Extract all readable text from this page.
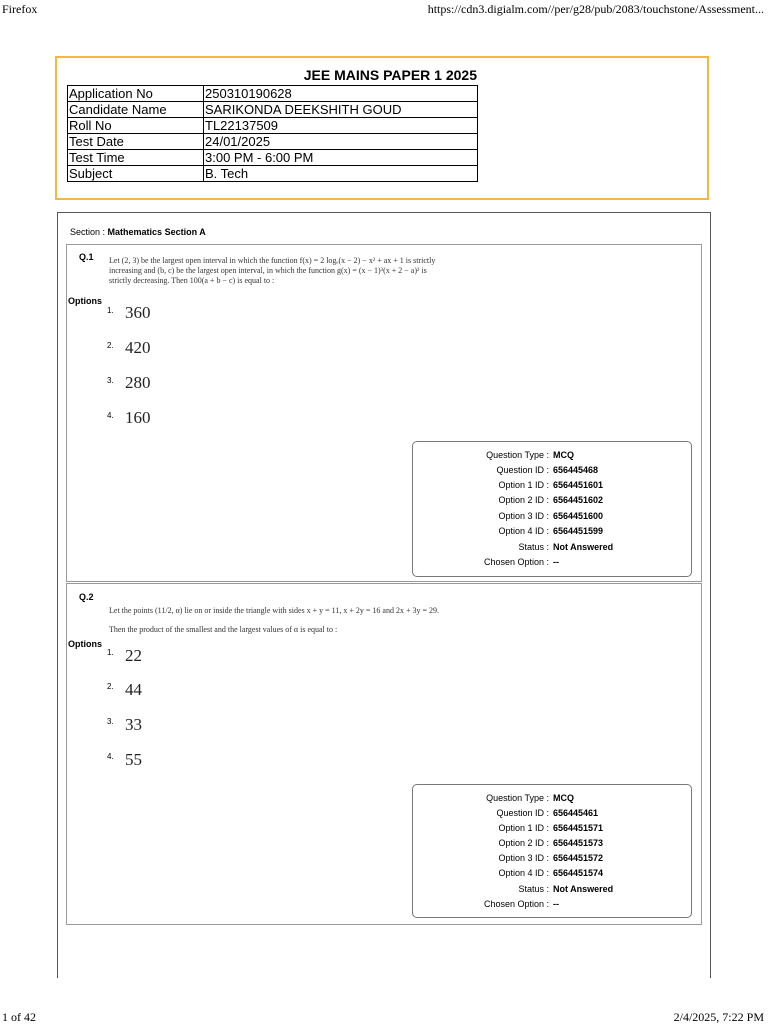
Firefox	https://cdn3.digialm.com//per/g28/pub/2083/touchstone/Assessment...
1 of 42	2/4/2025, 7:22 PM
JEE MAINS PAPER 1 2025
Application No	250310190628
Candidate Name	SARIKONDA DEEKSHITH GOUD
Roll No	TL22137509
Test Date	24/01/2025
Test Time	3:00 PM - 6:00 PM
Subject	B. Tech
Section : Mathematics Section A
Q.1 Let (2, 3) be the largest open interval in which the function f(x) = 2 logₑ(x − 2) − x² + ax + 1 is strictly
increasing and (b, c) be the largest open interval, in which the function g(x) = (x − 1)³(x + 2 − a)² is
strictly decreasing. Then 100(a + b − c) is equal to :
Options
1. 360
2. 420
3. 280
4. 160
Question Type : MCQ
Question ID : 656445468
Option 1 ID : 6564451601
Option 2 ID : 6564451602
Option 3 ID : 6564451600
Option 4 ID : 6564451599
Status : Not Answered
Chosen Option : --
Q.2
Let the points (11/2, α) lie on or inside the triangle with sides x + y = 11, x + 2y = 16 and 2x + 3y = 29.
Then the product of the smallest and the largest values of α is equal to :
Options
1. 22
2. 44
3. 33
4. 55
Question Type : MCQ
Question ID : 656445461
Option 1 ID : 6564451571
Option 2 ID : 6564451573
Option 3 ID : 6564451572
Option 4 ID : 6564451574
Status : Not Answered
Chosen Option : --
